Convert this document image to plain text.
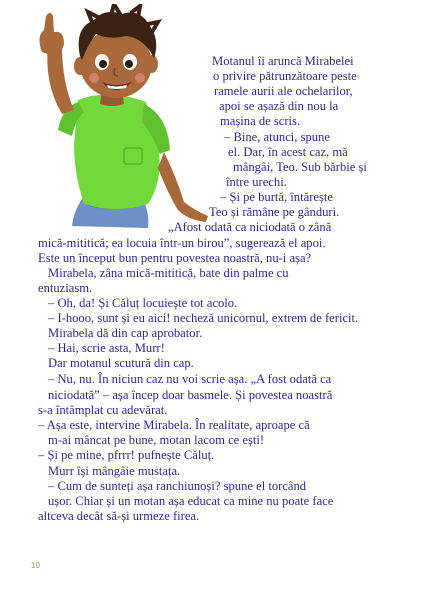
Motanul îi aruncă Mirabelei

o privire pătrunzătoare peste

ramele aurii ale ochelarilor,

apoi se așază din nou la

mașina de scris.

– Bine, atunci, spune

el. Dar, în acest caz, mă

mângâi, Teo. Sub bărbie și

între urechi.

– Și pe burtă, întărește

Teo și rămâne pe gânduri.

„Afost odată ca niciodată o zână

mică-mititică; ea locuia într-un birou”, sugerează el apoi.

Este un început bun pentru povestea noastră, nu-i așa?

Mirabela, zâna mică-mititică, bate din palme cu

entuziasm.

– Oh, da! Și Căluț locuiește tot acolo.

– I-hooo, sunt și eu aici! necheză unicornul, extrem de fericit.

Mirabela dă din cap aprobator.

– Hai, scrie asta, Murr!

Dar motanul scutură din cap.

– Nu, nu. În niciun caz nu voi scrie așa. „A fost odată ca

niciodată” – așa încep doar basmele. Și povestea noastră

s-a întâmplat cu adevărat.

– Așa este, intervine Mirabela. În realitate, aproape că

m-ai mâncat pe bune, motan lacom ce ești!

– Și pe mine, pfrrr! pufnește Căluț.

Murr își mângâie mustața.

– Cum de sunteți așa ranchiunoși? spune el torcând

ușor. Chiar și un motan așa educat ca mine nu poate face

altceva decât să-și urmeze firea.

10
